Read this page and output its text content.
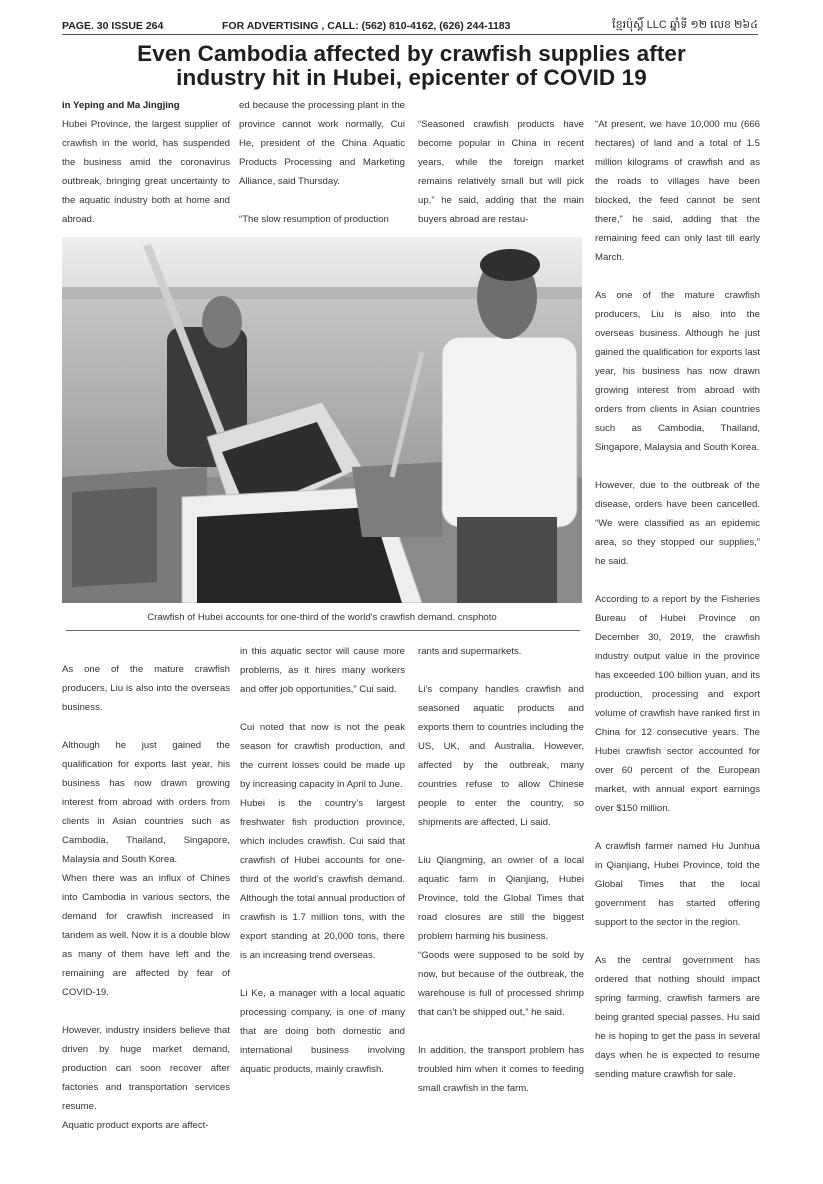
PAGE. 30 ISSUE 264	FOR ADVERTISING , CALL: (562) 810-4162, (626) 244-1183	ខ្មែរប៉ុស្ដិ៍ LLC ឆ្នាំទី ១២ លេខ ២៦៤
Even Cambodia affected by crawfish supplies after
industry hit in Hubei, epicenter of COVID 19

in Yeping and Ma Jingjing

Hubei Province, the largest supplier of crawfish in the world, has suspended the business amid the coronavirus outbreak, bringing great uncertainty to the aquatic industry both at home and abroad.

ed because the processing plant in the province cannot work normally, Cui He, president of the China Aquatic Products Processing and Marketing Alliance, said Thursday.

“The slow resumption of production

“Seasoned crawfish products have become popular in China in recent years, while the foreign market remains relatively small but will pick up,” he said, adding that the main buyers abroad are restau-

“At present, we have 10,000 mu (666 hectares) of land and a total of 1.5 million kilograms of crawfish and as the roads to villages have been blocked, the feed cannot be sent there,” he said, adding that the remaining feed can only last till early March.

As one of the mature crawfish producers, Liu is also into the overseas business. Although he just gained the qualification for exports last year, his business has now drawn growing interest from abroad with orders from clients in Asian countries such as Cambodia, Thailand, Singapore, Malaysia and South Korea.

However, due to the outbreak of the disease, orders have been cancelled. “We were classified as an epidemic area, so they stopped our supplies,” he said.

According to a report by the Fisheries Bureau of Hubei Province on December 30, 2019, the crawfish industry output value in the province has exceeded 100 billion yuan, and its production, processing and export volume of crawfish have ranked first in China for 12 consecutive years. The Hubei crawfish sector accounted for over 60 percent of the European market, with annual export earnings over $150 million.

A crawfish farmer named Hu Junhua in Qianjiang, Hubei Province, told the Global Times that the local government has started offering support to the sector in the region.

As the central government has ordered that nothing should impact spring farming, crawfish farmers are being granted special passes. Hu said he is hoping to get the pass in several days when he is expected to resume sending mature crawfish for sale.

Crawfish of Hubei accounts for one-third of the world's crawfish demand. cnsphoto

As one of the mature crawfish producers, Liu is also into the overseas business.

Although he just gained the qualification for exports last year, his business has now drawn growing interest from abroad with orders from clients in Asian countries such as Cambodia, Thailand, Singapore, Malaysia and South Korea.

When there was an influx of Chines into Cambodia in various sectors, the demand for crawfish increased in tandem as well. Now it is a double blow as many of them have left and the remaining are affected by fear of COVID-19.

However, industry insiders believe that driven by huge market demand, production can soon recover after factories and transportation services resume.

Aquatic product exports are affect-

in this aquatic sector will cause more problems, as it hires many workers and offer job opportunities,” Cui said.

Cui noted that now is not the peak season for crawfish production, and the current losses could be made up by increasing capacity in April to June.

Hubei is the country’s largest freshwater fish production province, which includes crawfish. Cui said that crawfish of Hubei accounts for one-third of the world’s crawfish demand. Although the total annual production of crawfish is 1.7 million tons, with the export standing at 20,000 tons, there is an increasing trend overseas.

Li Ke, a manager with a local aquatic processing company, is one of many that are doing both domestic and international business involving aquatic products, mainly crawfish.

rants and supermarkets.

Li’s company handles crawfish and seasoned aquatic products and exports them to countries including the US, UK, and Australia. However, affected by the outbreak, many countries refuse to allow Chinese people to enter the country, so shipments are affected, Li said.

Liu Qiangming, an owner of a local aquatic farm in Qianjiang, Hubei Province, told the Global Times that road closures are still the biggest problem harming his business.

“Goods were supposed to be sold by now, but because of the outbreak, the warehouse is full of processed shrimp that can’t be shipped out,” he said.

In addition, the transport problem has troubled him when it comes to feeding small crawfish in the farm.
